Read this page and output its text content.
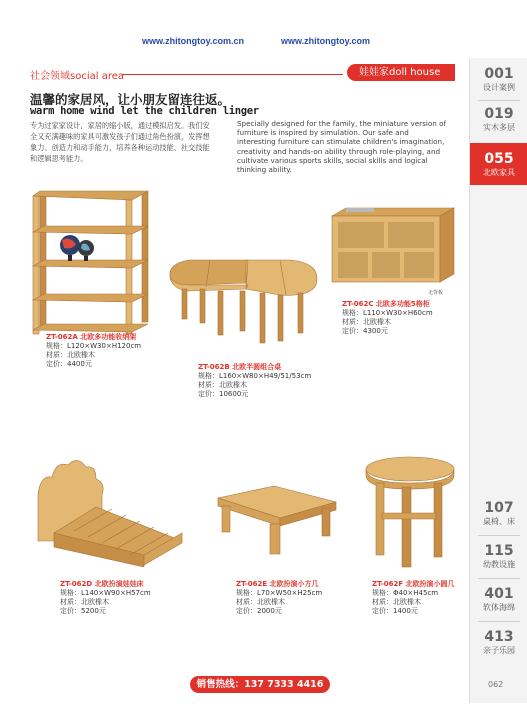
www.zhitongtoy.com.cn	www.zhitongtoy.com
社会领域social area	娃娃家doll house	001
设计案例
019
实木多层
055
北欧家具
107
桌椅、床
115
幼教设施
401
软体海绵
413
亲子乐园
温馨的家居风，让小朋友留连往返。
warm home wind let the children linger
专为过家家设计，家居的缩小版，通过模拟启发。我们安全又充满趣味的家具可激发孩子们通过角色扮演，发挥想象力、创造力和动手能力，培养各种运动技能、社交技能和逻辑思考能力。
Specially designed for the family, the miniature version of furniture is inspired by simulation. Our safe and interesting furniture can stimulate children's imagination, creativity and hands-on ability through role-playing, and cultivate various sports skills, social skills and logical thinking ability.
ZT-062A 北欧多功能收纳架
规格：L120×W30×H120cm
材质：北欧橡木
定价：4400元	ZT-062B 北欧半圆组合桌
规格：L160×W80×H49/51/53cm
材质：北欧橡木
定价：10600元
无背板
ZT-062C 北欧多功能5格柜
规格：L110×W30×H60cm
材质：北欧橡木
定价：4300元
ZT-062D 北欧扮演娃娃床
规格：L140×W90×H57cm
材质：北欧橡木
定价：5200元
ZT-062E 北欧扮演小方几
规格：L70×W50×H25cm
材质：北欧橡木
定价：2000元
ZT-062F 北欧扮演小圆几
规格：Φ40×H45cm
材质：北欧橡木
定价：1400元
销售热线：137 7333 4416	062
